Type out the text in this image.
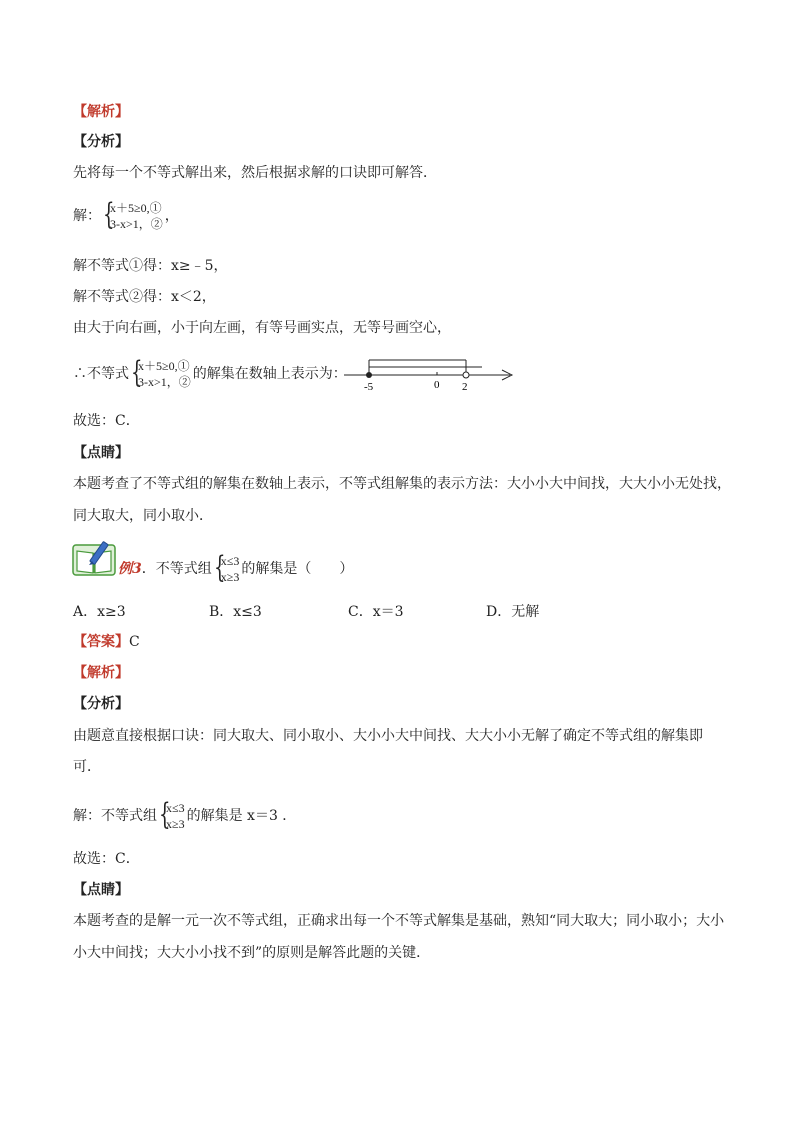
【解析】
【分析】
先将每一个不等式解出来，然后根据求解的口诀即可解答．
解： {
x＋5≥0,①
3-x>1，② ，
解不等式①得：x≥﹣5，
解不等式②得：x＜2，
由大于向右画，小于向左画，有等号画实点，无等号画空心，
∴不等式 {
x＋5≥0,①
3-x>1，② 的解集在数轴上表示为：
-5	0 2
故选：C．
【点睛】
本题考查了不等式组的解集在数轴上表示，不等式组解集的表示方法：大小小大中间找，大大小小无处找，
同大取大，同小取小．
例3．不等式组 {
x≤3
x≥3 的解集是（　　）
A．x≥3	B．x≤3	C．x＝3	D．无解
【答案】C
【解析】
【分析】
由题意直接根据口诀：同大取大、同小取小、大小小大中间找、大大小小无解了确定不等式组的解集即
可．
解：不等式组 {
x≤3
x≥3 的解集是 x＝3 ．
故选：C．
【点睛】
本题考查的是解一元一次不等式组，正确求出每一个不等式解集是基础，熟知“同大取大；同小取小；大小
小大中间找；大大小小找不到”的原则是解答此题的关键．
